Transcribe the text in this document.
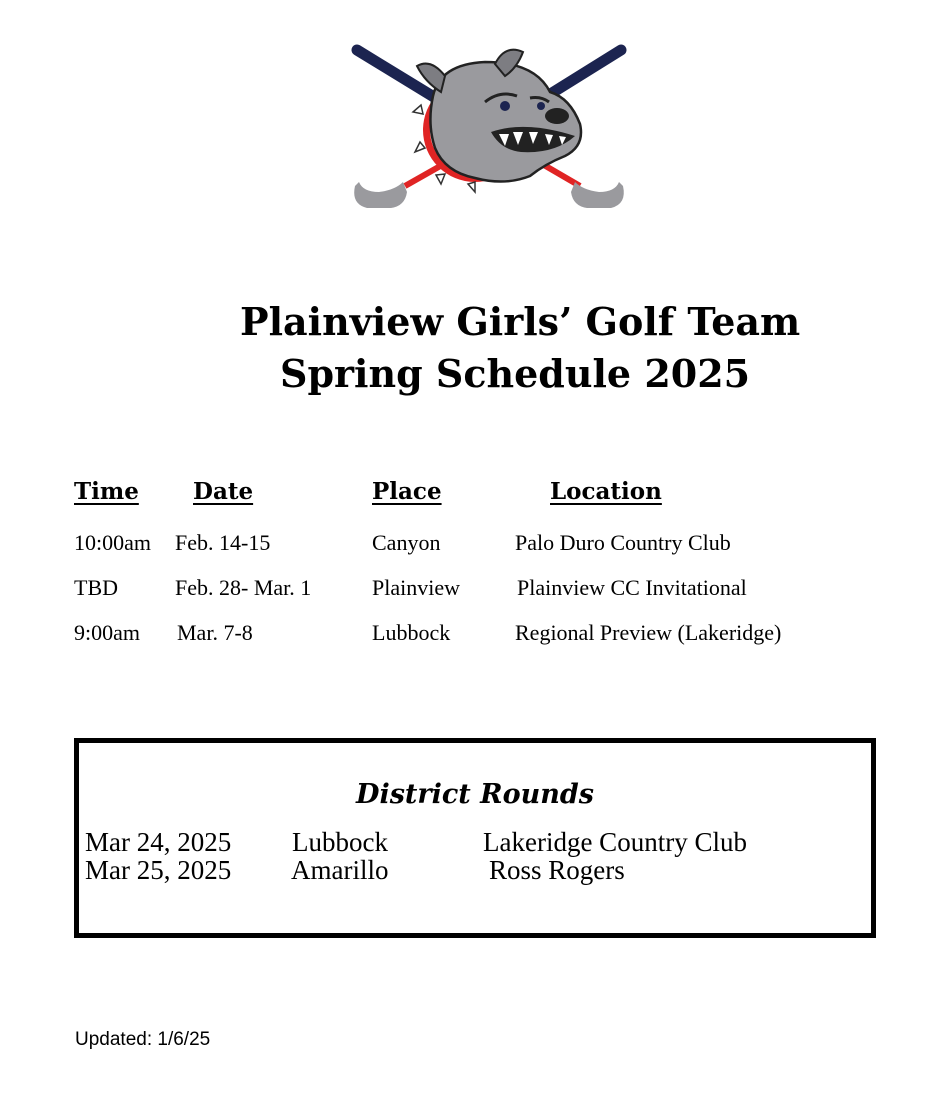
Plainview Girls’ Golf Team
Spring Schedule 2025
Time Date	Place	Location
10:00am Feb. 14-15	Canyon	Palo Duro Country Club
TBD	Feb. 28- Mar. 1	Plainview	Plainview CC Invitational
9:00am Mar. 7-8	Lubbock	Regional Preview (Lakeridge)
District Rounds
Mar 24, 2025 Lubbock	Lakeridge Country Club
Mar 25, 2025 Amarillo	Ross Rogers
Updated: 1/6/25
